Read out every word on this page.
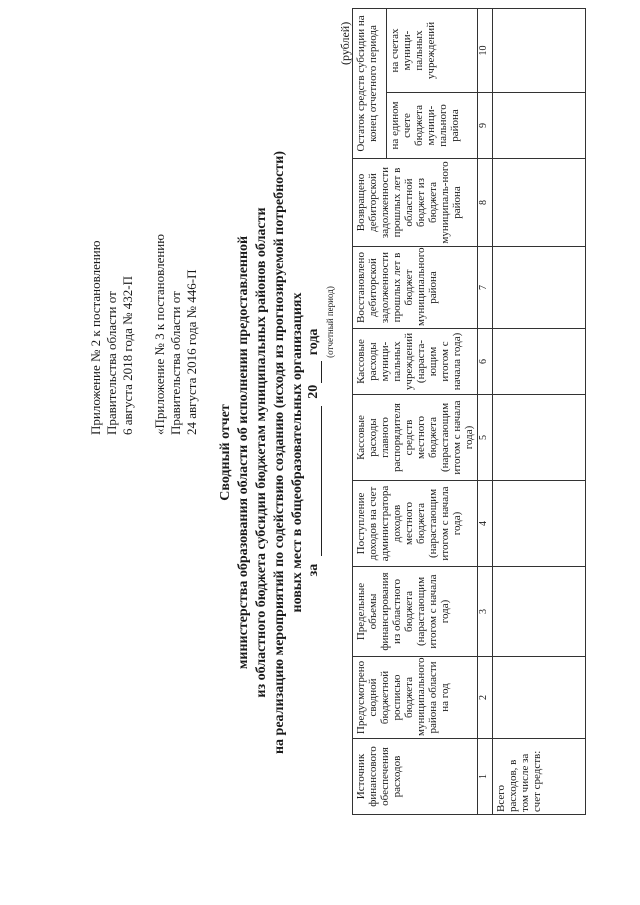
Приложение № 2 к постановлению Правительства области от 6 августа 2018 года № 432-П «Приложение № 3 к постановлению Правительства области от 24 августа 2016 года № 446-П
Сводный отчет министерства образования области об исполнении предоставленной из областного бюджета субсидии бюджетам муниципальных районов области на реализацию мероприятий по содействию созданию (исходя из прогнозируемой потребности) новых мест в общеобразовательных организациях за  20 года (отчетный период)
(рублей)
Источник финансового обеспечения расходов	Предусмотрено сводной бюджетной росписью бюджета муниципального района области на год	Предельные объемы финансирования из областного бюджета (нарастающим итогом с начала года)	Поступление доходов на счет администратора доходов местного бюджета (нарастающим итогом с начала года)	Кассовые расходы главного распорядителя средств местного бюджета (нарастающим итогом с начала года)	Кассовые расходы муници-пальных учреждений (нараста-ющим итогом с начала года)	Восстановлено дебиторской задолженности прошлых лет в бюджет муниципального района	Возвращено дебиторской задолженности прошлых лет в областной бюджет из бюджета муниципаль-ного района	Остаток средств субсидии на конец отчетного периода	
								на едином счете бюджета муници-пального района	на счетах муници-пальных учреждений
1	2	3	4	5	6	7	8	9	10
Всего расходов, в том числе за счет средств:									
